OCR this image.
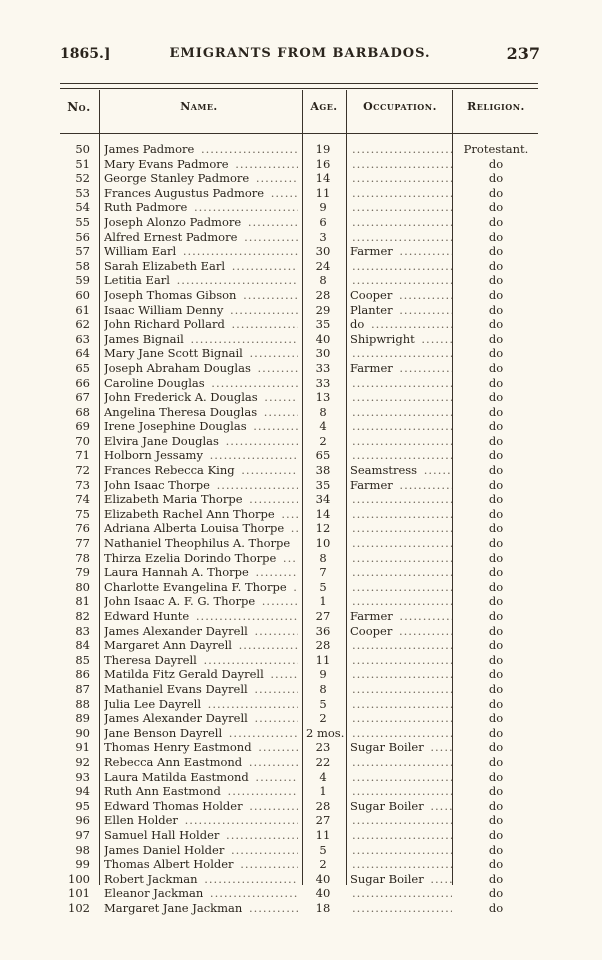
1865.]	EMIGRANTS FROM BARBADOS.	237
No.	Name.	Age.	Occupation.	Religion.
50 James Padmore .....	19 .....	Protestant.
51 Mary Evans Padmore .....	16 .....	do
52 George Stanley Padmore .....	14 .....	do
53 Frances Augustus Padmore .....	11 .....	do
54 Ruth Padmore .....	9 .....	do
55 Joseph Alonzo Padmore .....	6 .....	do
56 Alfred Ernest Padmore .....	3 .....	do
57 William Earl .....	30	Farmer .....	do
58 Sarah Elizabeth Earl .....	24 .....	do
59 Letitia Earl .....	8 .....	do
60 Joseph Thomas Gibson .....	28	Cooper .....	do
61 Isaac William Denny .....	29	Planter .....	do
62 John Richard Pollard .....	35	do .....	do
63 James Bignail .....	40	Shipwright .....	do
64 Mary Jane Scott Bignail .....	30 .....	do
65 Joseph Abraham Douglas .....	33	Farmer .....	do
66 Caroline Douglas .....	33 .....	do
67 John Frederick A. Douglas .....	13 .....	do
68 Angelina Theresa Douglas .....	8 .....	do
69 Irene Josephine Douglas .....	4 .....	do
70 Elvira Jane Douglas .....	2 .....	do
71 Holborn Jessamy .....	65 .....	do
72 Frances Rebecca King .....	38	Seamstress .....	do
73 John Isaac Thorpe .....	35	Farmer .....	do
74 Elizabeth Maria Thorpe .....	34 .....	do
75 Elizabeth Rachel Ann Thorpe .....	14 .....	do
76 Adriana Alberta Louisa Thorpe .....	12 .....	do
77 Nathaniel Theophilus A. Thorpe .....	10 .....	do
78 Thirza Ezelia Dorindo Thorpe .....	8 .....	do
79 Laura Hannah A. Thorpe .....	7 .....	do
80 Charlotte Evangelina F. Thorpe .....	5 .....	do
81 John Isaac A. F. G. Thorpe .....	1 .....	do
82 Edward Hunte .....	27	Farmer .....	do
83 James Alexander Dayrell .....	36	Cooper .....	do
84 Margaret Ann Dayrell .....	28 .....	do
85 Theresa Dayrell .....	11 .....	do
86 Matilda Fitz Gerald Dayrell .....	9 .....	do
87 Mathaniel Evans Dayrell .....	8 .....	do
88 Julia Lee Dayrell .....	5 .....	do
89 James Alexander Dayrell .....	2 .....	do
90 Jane Benson Dayrell .....	2 mos. .....	do
91 Thomas Henry Eastmond .....	23	Sugar Boiler .....	do
92 Rebecca Ann Eastmond .....	22 .....	do
93 Laura Matilda Eastmond .....	4 .....	do
94 Ruth Ann Eastmond .....	1 .....	do
95 Edward Thomas Holder .....	28	Sugar Boiler .....	do
96 Ellen Holder .....	27 .....	do
97 Samuel Hall Holder .....	11 .....	do
98 James Daniel Holder .....	5 .....	do
99 Thomas Albert Holder .....	2 .....	do
100 Robert Jackman .....	40	Sugar Boiler .....	do
101 Eleanor Jackman .....	40 .....	do
102 Margaret Jane Jackman .....	18 .....	do
